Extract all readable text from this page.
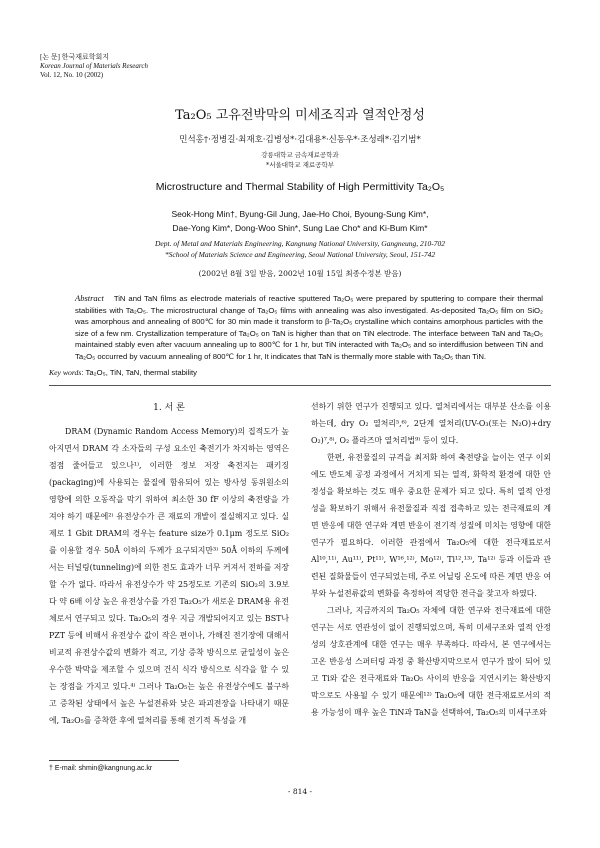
[논 문] 한국재료학회지
Korean Journal of Materials Research
Vol. 12, No. 10 (2002)
Ta₂O₅ 고유전박막의 미세조직과 열적안정성
민석홍†·정병길·최재호·김병성*·김대용*·신동우*·조성래*·김기범*
강릉대학교 금속재료공학과
*서울대학교 재료공학부
Microstructure and Thermal Stability of High Permittivity Ta₂O₅
Seok-Hong Min†, Byung-Gil Jung, Jae-Ho Choi, Byoung-Sung Kim*,
Dae-Yong Kim*, Dong-Woo Shin*, Sung Lae Cho* and Ki-Bum Kim*
Dept. of Metal and Materials Engineering, Kangnung National University, Gangneung, 210-702
*School of Materials Science and Engineering, Seoul National University, Seoul, 151-742
(2002년 8월 3일 받음, 2002년 10월 15일 최종수정본 받음)
Abstract TiN and TaN films as electrode materials of reactive sputtered Ta₂O₅ were prepared by sputtering to compare their thermal stabilities with Ta₂O₅. The microstructural change of Ta₂O₅ films with annealing was also investigated. As-deposited Ta₂O₅ film on SiO₂ was amorphous and annealing of 800℃ for 30 min made it transform to β-Ta₂O₅ crystalline which contains amorphous particles with the size of a few nm. Crystallization temperature of Ta₂O₅ on TaN is higher than that on TiN electrode. The interface between TaN and Ta₂O₅ maintained stably even after vacuum annealing up to 800℃ for 1 hr, but TiN interacted with Ta₂O₅ and so interdiffusion between TiN and Ta₂O₅ occurred by vacuum annealing of 800℃ for 1 hr, It indicates that TaN is thermally more stable with Ta₂O₅ than TiN.
Key words: Ta₂O₅, TiN, TaN, thermal stability

1. 서 론

DRAM (Dynamic Random Access Memory)의 집적도가 높아지면서 DRAM 각 소자들의 구성 요소인 축전기가 차지하는 영역은 점점 줄어들고 있으나¹⁾, 이러한 정보 저장 축전지는 패키징(packaging)에 사용되는 물질에 함유되어 있는 방사성 동위원소의 영향에 의한 오동작을 막기 위하여 최소한 30 fF 이상의 축전량을 가져야 하기 때문에²⁾ 유전상수가 큰 재료의 개발이 절실해지고 있다. 실제로 1 Gbit DRAM의 경우는 feature size가 0.1μm 정도로 SiO₂를 이용할 경우 50Å 이하의 두께가 요구되지만³⁾ 50Å 이하의 두께에서는 터널링(tunneling)에 의한 전도 효과가 너무 커져서 전하를 저장할 수가 없다. 따라서 유전상수가 약 25정도로 기존의 SiO₂의 3.9보다 약 6배 이상 높은 유전상수를 가진 Ta₂O₅가 새로운 DRAM용 유전체로서 연구되고 있다. Ta₂O₅의 경우 지금 개발되어지고 있는 BST나 PZT 등에 비해서 유전상수 값이 작은 편이나, 가해진 전기장에 대해서 비교적 유전상수값의 변화가 적고, 기상 증착 방식으로 균일성이 높은 우수한 박막을 제조할 수 있으며 건식 식각 방식으로 식각을 할 수 있는 장점을 가지고 있다.⁴⁾ 그러나 Ta₂O₅는 높은 유전상수에도 불구하고 증착된 상태에서 높은 누설전류와 낮은 파괴전장을 나타내기 때문에, Ta₂O₅를 증착한 후에 열처리를 통해 전기적 특성을 개

선하기 위한 연구가 진행되고 있다. 열처리에서는 대부분 산소를 이용하는데, dry O₂ 열처리⁵,⁶⁾, 2단계 열처리(UV-O₃(또는 N₂O)+dry O₂)⁷,⁸⁾, O₂ 플라즈마 열처리법⁹⁾ 등이 있다.

한편, 유전물질의 규격을 최저화 하여 축전량을 늘이는 연구 이외에도 반도체 공정 과정에서 거치게 되는 열적, 화학적 환경에 대한 안정성을 확보하는 것도 매우 중요한 문제가 되고 있다. 특히 열적 안정성을 확보하기 위해서 유전물질과 직접 접촉하고 있는 전극재료의 계면 반응에 대한 연구와 계면 반응이 전기적 성질에 미치는 영향에 대한 연구가 필요하다. 이러한 관점에서 Ta₂O₅에 대한 전극재료로서 Al¹⁰,¹¹⁾, Au¹¹⁾, Pt¹¹⁾, W¹⁶,¹²⁾, Mo¹²⁾, Ti¹²,¹³⁾, Ta¹²⁾ 등과 이들과 관련된 질화물들이 연구되었는데, 주로 어닐링 온도에 따른 계면 반응 여부와 누설전류값의 변화를 측정하여 적당한 전극을 찾고자 하였다.

그러나, 지금까지의 Ta₂O₅ 자체에 대한 연구와 전극재료에 대한 연구는 서로 연관성이 없이 진행되었으며, 특히 미세구조와 열적 안정성의 상호관계에 대한 연구는 매우 부족하다. 따라서, 본 연구에서는 고온 반응성 스퍼터링 과정 중 확산방지막으로서 연구가 많이 되어 있고 Ti와 같은 전극재료와 Ta₂O₅ 사이의 반응을 지연시키는 확산방지막으로도 사용될 수 있기 때문에¹²⁾ Ta₂O₅에 대한 전극재료로서의 적용 가능성이 매우 높은 TiN과 TaN을 선택하여, Ta₂O₅의 미세구조와

† E-mail: shmin@kangnung.ac.kr
- 814 -
